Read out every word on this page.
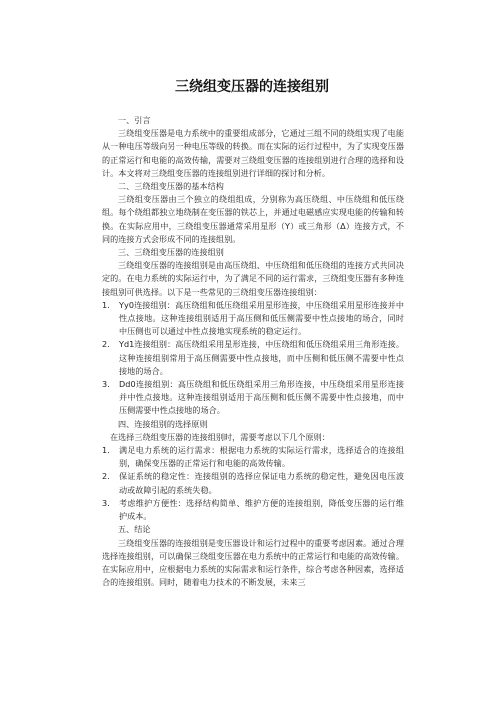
三绕组变压器的连接组别

一、引言

三绕组变压器是电力系统中的重要组成部分，它通过三组不同的绕组实现了电能从一种电压等级向另一种电压等级的转换。而在实际的运行过程中，为了实现变压器的正常运行和电能的高效传输，需要对三绕组变压器的连接组别进行合理的选择和设计。本文将对三绕组变压器的连接组别进行详细的探讨和分析。

二、三绕组变压器的基本结构

三绕组变压器由三个独立的绕组组成，分别称为高压绕组、中压绕组和低压绕组。每个绕组都独立地绕制在变压器的铁芯上，并通过电磁感应实现电能的传输和转换。在实际应用中，三绕组变压器通常采用星形（Y）或三角形（Δ）连接方式，不同的连接方式会形成不同的连接组别。

三、三绕组变压器的连接组别

三绕组变压器的连接组别是由高压绕组、中压绕组和低压绕组的连接方式共同决定的。在电力系统的实际运行中，为了满足不同的运行需求，三绕组变压器有多种连接组别可供选择。以下是一些常见的三绕组变压器连接组别：

1. Yy0连接组别：高压绕组和低压绕组采用星形连接，中压绕组采用星形连接并中性点接地。这种连接组别适用于高压侧和低压侧需要中性点接地的场合，同时中压侧也可以通过中性点接地实现系统的稳定运行。
2. Yd1连接组别：高压绕组采用星形连接，中压绕组和低压绕组采用三角形连接。这种连接组别常用于高压侧需要中性点接地，而中压侧和低压侧不需要中性点接地的场合。
3. Dd0连接组别：高压绕组和低压绕组采用三角形连接，中压绕组采用星形连接并中性点接地。这种连接组别适用于高压侧和低压侧不需要中性点接地，而中压侧需要中性点接地的场合。

四、连接组别的选择原则

在选择三绕组变压器的连接组别时，需要考虑以下几个原则：

1. 满足电力系统的运行需求：根据电力系统的实际运行需求，选择适合的连接组别，确保变压器的正常运行和电能的高效传输。
2. 保证系统的稳定性：连接组别的选择应保证电力系统的稳定性，避免因电压波动或故障引起的系统失稳。
3. 考虑维护方便性：选择结构简单、维护方便的连接组别，降低变压器的运行维护成本。

五、结论

三绕组变压器的连接组别是变压器设计和运行过程中的重要考虑因素。通过合理选择连接组别，可以确保三绕组变压器在电力系统中的正常运行和电能的高效传输。在实际应用中，应根据电力系统的实际需求和运行条件，综合考虑各种因素，选择适合的连接组别。同时，随着电力技术的不断发展，未来三
